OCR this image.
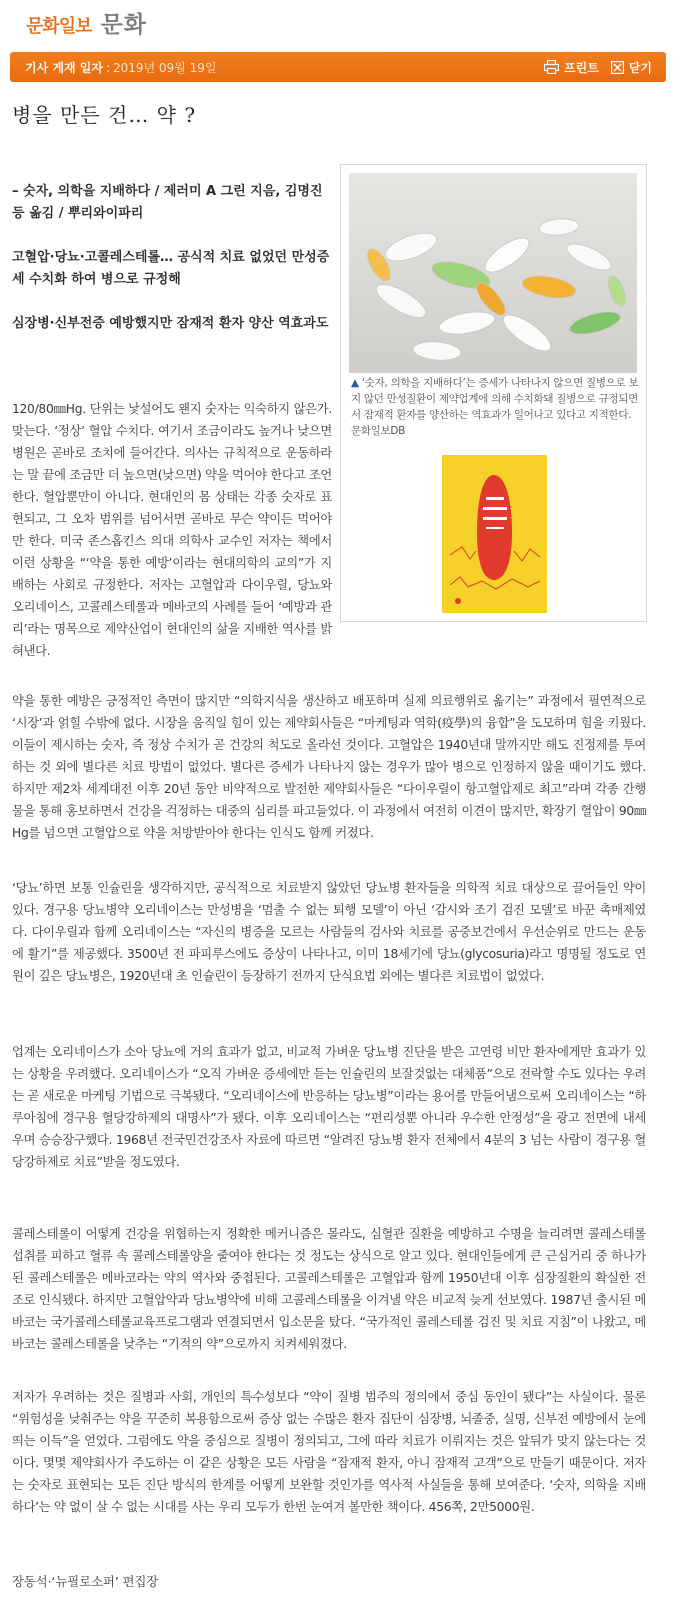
문화일보 문화
기사 게재 일자 : 2019년 09월 19일	프린트	닫기
병을 만든 건… 약 ?

▲ ‘숫자, 의학을 지배하다’는 증세가 나타나지 않으면 질병으로 보지 않던 만성질환이 제약업계에 의해 수치화돼 질병으로 규정되면서 잠재적 환자를 양산하는 역효과가 일어나고 있다고 지적한다. 문화일보DB

– 숫자, 의학을 지배하다 / 제러미 A 그린 지음, 김명진 등 옮김 / 뿌리와이파리

고혈압·당뇨·고콜레스테롤… 공식적 치료 없었던 만성증세 수치화 하여 병으로 규정해

심장병·신부전증 예방했지만 잠재적 환자 양산 역효과도

120/80㎜Hg. 단위는 낯설어도 왠지 숫자는 익숙하지 않은가. 맞는다. ‘정상’ 혈압 수치다. 여기서 조금이라도 높거나 낮으면 병원은 곧바로 조치에 들어간다. 의사는 규칙적으로 운동하라는 말 끝에 조금만 더 높으면(낮으면) 약을 먹어야 한다고 조언한다. 혈압뿐만이 아니다. 현대인의 몸 상태는 각종 숫자로 표현되고, 그 오차 범위를 넘어서면 곧바로 무슨 약이든 먹어야만 한다. 미국 존스홉킨스 의대 의학사 교수인 저자는 책에서 이런 상황을 “‘약을 통한 예방’이라는 현대의학의 교의”가 지배하는 사회로 규정한다. 저자는 고혈압과 다이우릴, 당뇨와 오리네이스, 고콜레스테롤과 메바코의 사례를 들어 ‘예방과 관리’라는 명목으로 제약산업이 현대인의 삶을 지배한 역사를 밝혀낸다.

약을 통한 예방은 긍정적인 측면이 많지만 “의학지식을 생산하고 배포하며 실제 의료행위로 옮기는” 과정에서 필연적으로 ‘시장’과 얽힐 수밖에 없다. 시장을 움직일 힘이 있는 제약회사들은 “마케팅과 역학(疫學)의 융합”을 도모하며 힘을 키웠다. 이들이 제시하는 숫자, 즉 정상 수치가 곧 건강의 척도로 올라선 것이다. 고혈압은 1940년대 말까지만 해도 진정제를 투여하는 것 외에 별다른 치료 방법이 없었다. 별다른 증세가 나타나지 않는 경우가 많아 병으로 인정하지 않을 때이기도 했다. 하지만 제2차 세계대전 이후 20년 동안 비약적으로 발전한 제약회사들은 “다이우릴이 항고혈압제로 최고”라며 각종 간행물을 통해 홍보하면서 건강을 걱정하는 대중의 심리를 파고들었다. 이 과정에서 여전히 이견이 많지만, 확장기 혈압이 90㎜Hg를 넘으면 고혈압으로 약을 처방받아야 한다는 인식도 함께 커졌다.

‘당뇨’하면 보통 인슐린을 생각하지만, 공식적으로 치료받지 않았던 당뇨병 환자들을 의학적 치료 대상으로 끌어들인 약이 있다. 경구용 당뇨병약 오리네이스는 만성병을 ‘멈출 수 없는 퇴행 모델’이 아닌 ‘감시와 조기 검진 모델’로 바꾼 촉매제였다. 다이우릴과 함께 오리네이스는 “자신의 병증을 모르는 사람들의 검사와 치료를 공중보건에서 우선순위로 만드는 운동에 활기”를 제공했다. 3500년 전 파피루스에도 증상이 나타나고, 이미 18세기에 당뇨(glycosuria)라고 명명될 정도로 연원이 깊은 당뇨병은, 1920년대 초 인슐린이 등장하기 전까지 단식요법 외에는 별다른 치료법이 없었다.

업계는 오리네이스가 소아 당뇨에 거의 효과가 없고, 비교적 가벼운 당뇨병 진단을 받은 고연령 비만 환자에게만 효과가 있는 상황을 우려했다. 오리네이스가 “오직 가벼운 증세에만 듣는 인슐린의 보잘것없는 대체품”으로 전락할 수도 있다는 우려는 곧 새로운 마케팅 기법으로 극복됐다. “오리네이스에 반응하는 당뇨병”이라는 용어를 만들어냄으로써 오리네이스는 “하루아침에 경구용 혈당강하제의 대명사”가 됐다. 이후 오리네이스는 “편리성뿐 아니라 우수한 안정성”을 광고 전면에 내세우며 승승장구했다. 1968년 전국민건강조사 자료에 따르면 “알려진 당뇨병 환자 전체에서 4분의 3 넘는 사람이 경구용 혈당강하제로 치료”받을 정도였다.

콜레스테롤이 어떻게 건강을 위협하는지 정확한 메커니즘은 몰라도, 심혈관 질환을 예방하고 수명을 늘리려면 콜레스테롤 섭취를 피하고 혈류 속 콜레스테롤양을 줄여야 한다는 것 정도는 상식으로 알고 있다. 현대인들에게 큰 근심거리 중 하나가 된 콜레스테롤은 메바코라는 약의 역사와 중첩된다. 고콜레스테롤은 고혈압과 함께 1950년대 이후 심장질환의 확실한 전조로 인식됐다. 하지만 고혈압약과 당뇨병약에 비해 고콜레스테롤을 이겨낼 약은 비교적 늦게 선보였다. 1987년 출시된 메바코는 국가콜레스테롤교육프로그램과 연결되면서 입소문을 탔다. “국가적인 콜레스테롤 검진 및 치료 지침”이 나왔고, 메바코는 콜레스테롤을 낮추는 “기적의 약”으로까지 치켜세워졌다.

저자가 우려하는 것은 질병과 사회, 개인의 특수성보다 “약이 질병 범주의 정의에서 중심 동인이 됐다”는 사실이다. 물론 “위험성을 낮춰주는 약을 꾸준히 복용함으로써 증상 없는 수많은 환자 집단이 심장병, 뇌졸중, 실명, 신부전 예방에서 눈에 띄는 이득”을 얻었다. 그럼에도 약을 중심으로 질병이 정의되고, 그에 따라 치료가 이뤄지는 것은 앞뒤가 맞지 않는다는 것이다. 몇몇 제약회사가 주도하는 이 같은 상황은 모든 사람을 “잠재적 환자, 아니 잠재적 고객”으로 만들기 때문이다. 저자는 숫자로 표현되는 모든 진단 방식의 한계를 어떻게 보완할 것인가를 역사적 사실들을 통해 보여준다. ‘숫자, 의학을 지배하다’는 약 없이 살 수 없는 시대를 사는 우리 모두가 한번 눈여겨 볼만한 책이다. 456쪽, 2만5000원.

장동석·‘뉴필로소퍼’ 편집장
